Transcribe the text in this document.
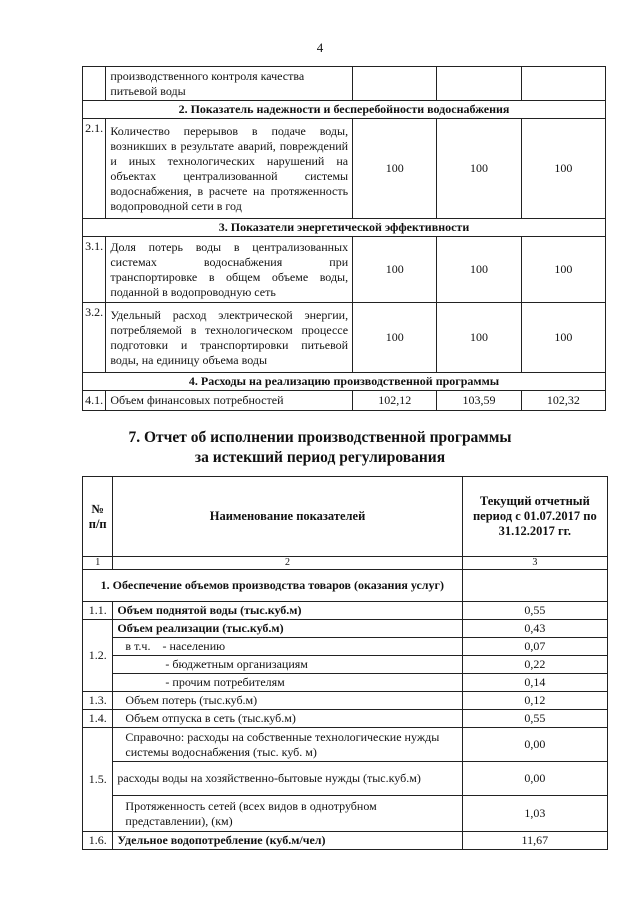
4
	производственного контроля качества питьевой воды			
2. Показатель надежности и бесперебойности водоснабжения				
2.1.	Количество перерывов в подаче воды, возникших в результате аварий, повреждений и иных технологических нарушений на объектах централизованной системы водоснабжения, в расчете на протяженность водопроводной сети в год	100	100	100
3. Показатели энергетической эффективности				
3.1.	Доля потерь воды в централизованных системах водоснабжения при транспортировке в общем объеме воды, поданной в водопроводную сеть	100	100	100
3.2.	Удельный расход электрической энергии, потребляемой в технологическом процессе подготовки и транспортировки питьевой воды, на единицу объема воды	100	100	100
4. Расходы на реализацию производственной программы				
4.1.	Объем финансовых потребностей	102,12	103,59	102,32
7. Отчет об исполнении производственной программы
за истекший период регулирования
№ п/п	Наименование показателей	Текущий отчетный период с 01.07.2017 по 31.12.2017 гг.
1	2	3
1. Обеспечение объемов производства товаров (оказания услуг)		
1.1.	Объем поднятой воды (тыс.куб.м)	0,55
1.2.	Объем реализации (тыс.куб.м)	0,43
	в т.ч.    - населению	0,07
	- бюджетным организациям	0,22
	- прочим потребителям	0,14
1.3.	Объем потерь (тыс.куб.м)	0,12
1.4.	Объем отпуска в сеть (тыс.куб.м)	0,55
1.5.	Справочно: расходы на собственные технологические нужды системы водоснабжения (тыс. куб. м)	0,00
	расходы воды на хозяйственно-бытовые нужды (тыс.куб.м)	0,00
	Протяженность сетей (всех видов в однотрубном представлении), (км)	1,03
1.6.	Удельное водопотребление (куб.м/чел)	11,67
